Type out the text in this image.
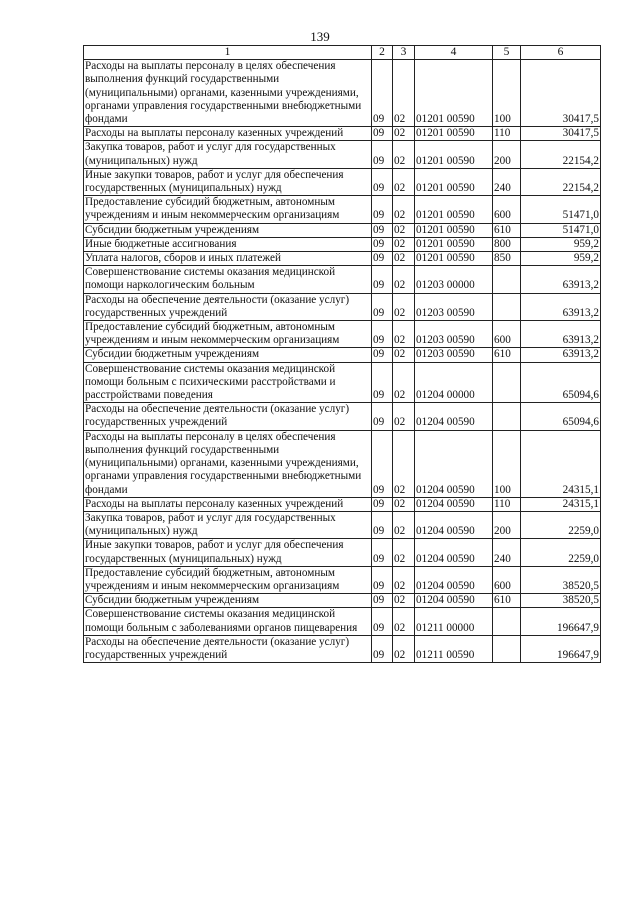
139
1	2	3	4	5	6
Расходы на выплаты персоналу в целях обеспечения выполнения функций государственными (муниципальными) органами, казенными учреждениями, органами управления государственными внебюджетными фондами	09	02	01201 00590	100	30417,5
Расходы на выплаты персоналу казенных учреждений	09	02	01201 00590	110	30417,5
Закупка товаров, работ и услуг для государственных (муниципальных) нужд	09	02	01201 00590	200	22154,2
Иные закупки товаров, работ и услуг для обеспечения государственных (муниципальных) нужд	09	02	01201 00590	240	22154,2
Предоставление субсидий бюджетным, автономным учреждениям и иным некоммерческим организациям	09	02	01201 00590	600	51471,0
Субсидии бюджетным учреждениям	09	02	01201 00590	610	51471,0
Иные бюджетные ассигнования	09	02	01201 00590	800	959,2
Уплата налогов, сборов и иных платежей	09	02	01201 00590	850	959,2
Совершенствование системы оказания медицинской помощи наркологическим больным	09	02	01203 00000		63913,2
Расходы на обеспечение деятельности (оказание услуг) государственных учреждений	09	02	01203 00590		63913,2
Предоставление субсидий бюджетным, автономным учреждениям и иным некоммерческим организациям	09	02	01203 00590	600	63913,2
Субсидии бюджетным учреждениям	09	02	01203 00590	610	63913,2
Совершенствование системы оказания медицинской помощи больным с психическими расстройствами и расстройствами поведения	09	02	01204 00000		65094,6
Расходы на обеспечение деятельности (оказание услуг) государственных учреждений	09	02	01204 00590		65094,6
Расходы на выплаты персоналу в целях обеспечения выполнения функций государственными (муниципальными) органами, казенными учреждениями, органами управления государственными внебюджетными фондами	09	02	01204 00590	100	24315,1
Расходы на выплаты персоналу казенных учреждений	09	02	01204 00590	110	24315,1
Закупка товаров, работ и услуг для государственных (муниципальных) нужд	09	02	01204 00590	200	2259,0
Иные закупки товаров, работ и услуг для обеспечения государственных (муниципальных) нужд	09	02	01204 00590	240	2259,0
Предоставление субсидий бюджетным, автономным учреждениям и иным некоммерческим организациям	09	02	01204 00590	600	38520,5
Субсидии бюджетным учреждениям	09	02	01204 00590	610	38520,5
Совершенствование системы оказания медицинской помощи больным с заболеваниями органов пищеварения	09	02	01211 00000		196647,9
Расходы на обеспечение деятельности (оказание услуг) государственных учреждений	09	02	01211 00590		196647,9
